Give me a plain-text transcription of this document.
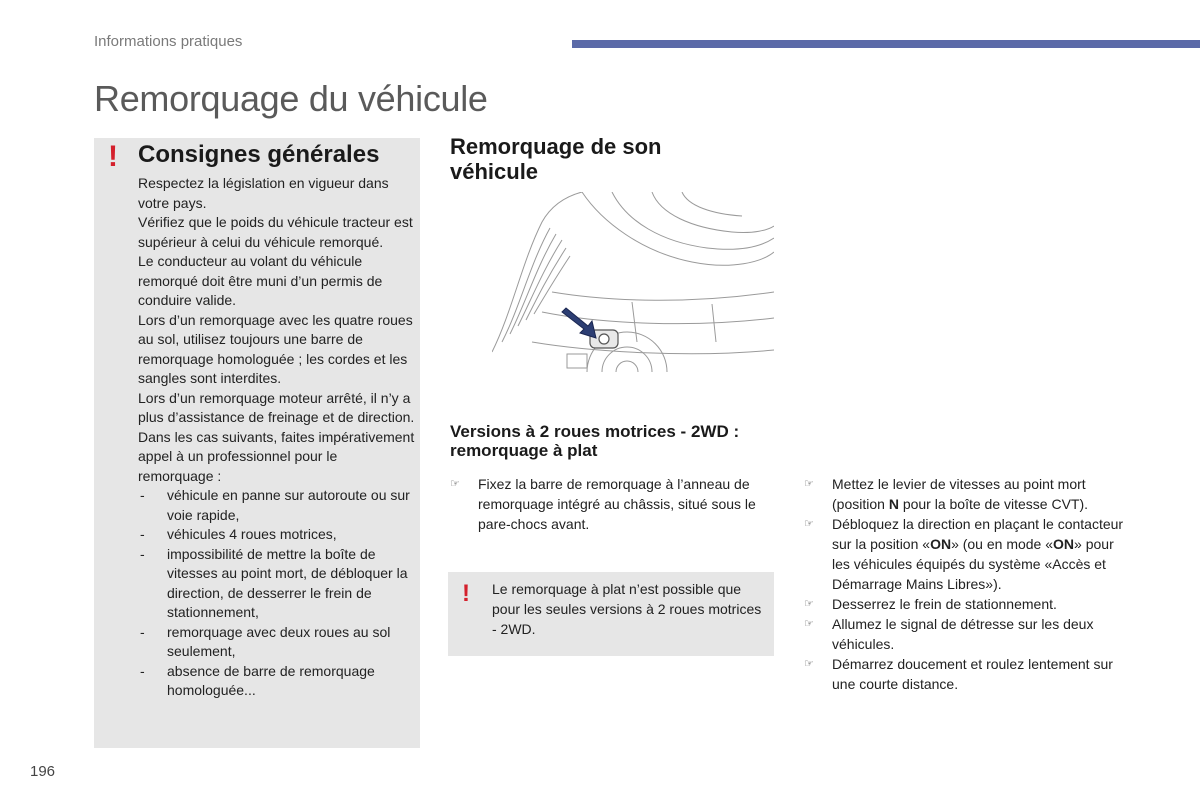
Informations pratiques
Remorquage du véhicule
! Consignes générales

Respectez la législation en vigueur dans votre pays.

Vérifiez que le poids du véhicule tracteur est supérieur à celui du véhicule remorqué.

Le conducteur au volant du véhicule remorqué doit être muni d’un permis de conduire valide.

Lors d’un remorquage avec les quatre roues au sol, utilisez toujours une barre de remorquage homologuée ; les cordes et les sangles sont interdites.

Lors d’un remorquage moteur arrêté, il n’y a plus d’assistance de freinage et de direction.

Dans les cas suivants, faites impérativement appel à un professionnel pour le remorquage :

- véhicule en panne sur autoroute ou sur voie rapide,
- véhicules 4 roues motrices,
- impossibilité de mettre la boîte de vitesses au point mort, de débloquer la direction, de desserrer le frein de stationnement,
- remorquage avec deux roues au sol seulement,
- absence de barre de remorquage homologuée...
Remorquage de son véhicule
Versions à 2 roues motrices - 2WD : remorquage à plat
☞ Fixez la barre de remorquage à l’anneau de remorquage intégré au châssis, situé sous le pare-chocs avant.
! Le remorquage à plat n’est possible que pour les seules versions à 2 roues motrices - 2WD.
☞ Mettez le levier de vitesses au point mort (position N pour la boîte de vitesse CVT).
☞ Débloquez la direction en plaçant le contacteur sur la position «ON» (ou en mode «ON» pour les véhicules équipés du système «Accès et Démarrage Mains Libres»).
☞ Desserrez le frein de stationnement.
☞ Allumez le signal de détresse sur les deux véhicules.
☞ Démarrez doucement et roulez lentement sur une courte distance.
196
